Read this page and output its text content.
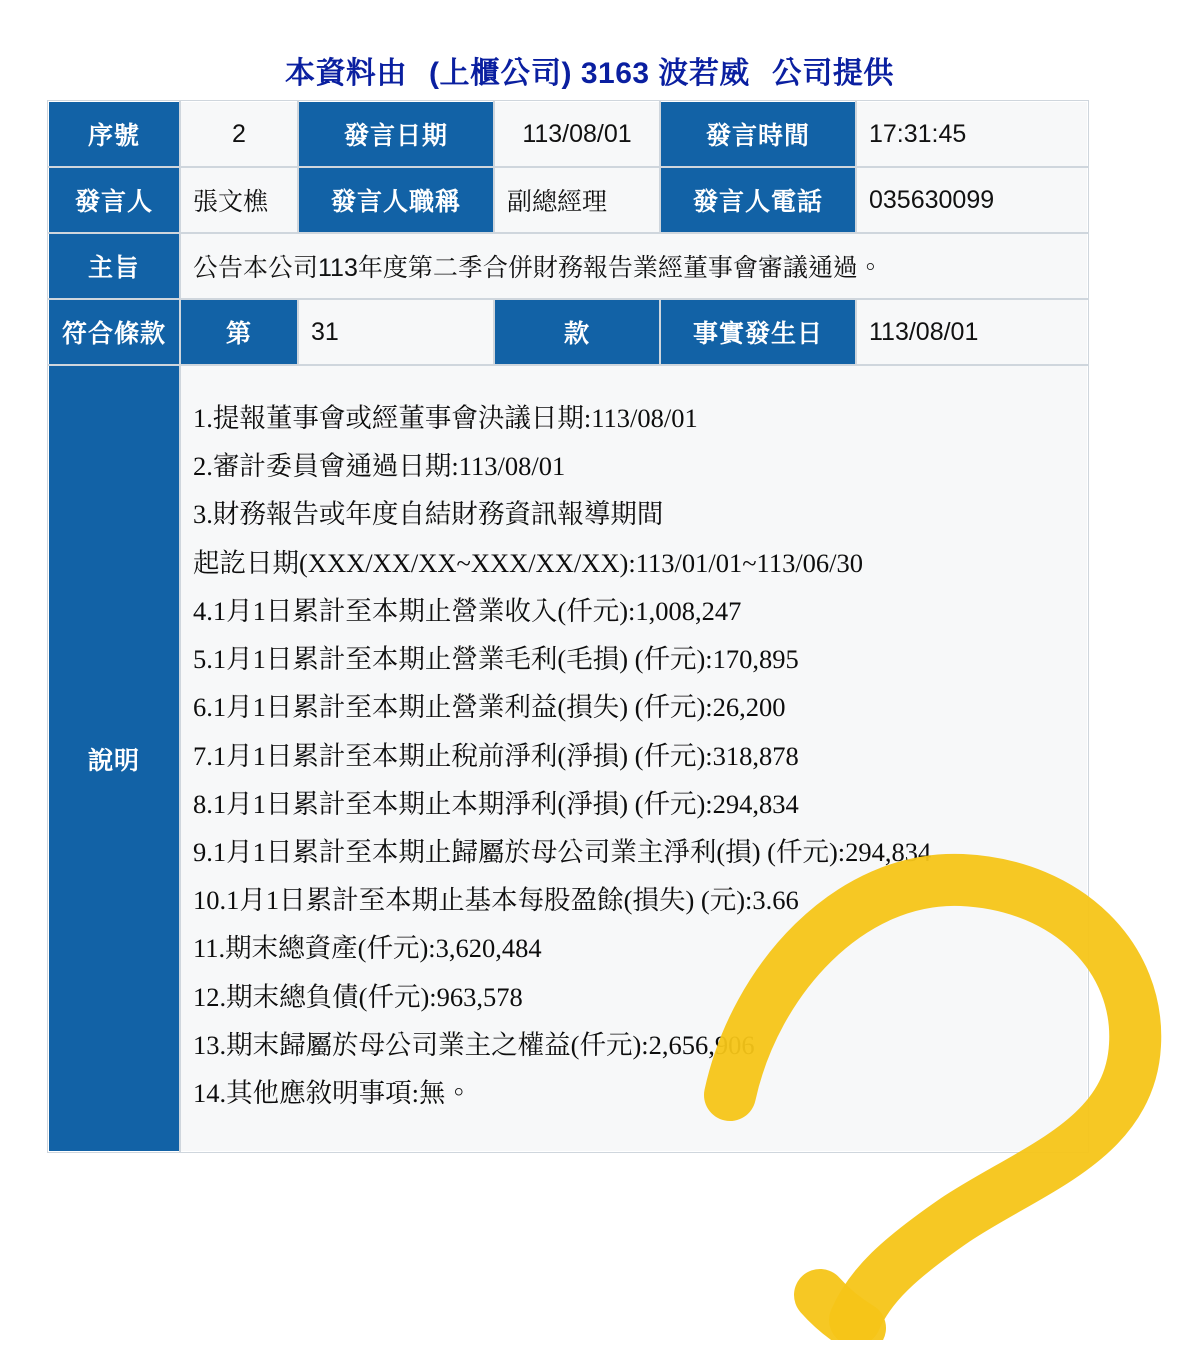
本資料由 (上櫃公司) 3163 波若威 公司提供
序號	2	發言日期	113/08/01	發言時間	17:31:45
發言人	張文樵	發言人職稱	副總經理	發言人電話	035630099
主旨	公告本公司113年度第二季合併財務報告業經董事會審議通過。				
符合條款	第	31	款	事實發生日	113/08/01
說明	
1.提報董事會或經董事會決議日期:113/08/01
2.審計委員會通過日期:113/08/01
3.財務報告或年度自結財務資訊報導期間
起訖日期(XXX/XX/XX~XXX/XX/XX):113/01/01~113/06/30
4.1月1日累計至本期止營業收入(仟元):1,008,247
5.1月1日累計至本期止營業毛利(毛損) (仟元):170,895
6.1月1日累計至本期止營業利益(損失) (仟元):26,200
7.1月1日累計至本期止稅前淨利(淨損) (仟元):318,878
8.1月1日累計至本期止本期淨利(淨損) (仟元):294,834
9.1月1日累計至本期止歸屬於母公司業主淨利(損) (仟元):294,834
10.1月1日累計至本期止基本每股盈餘(損失) (元):3.66
11.期末總資產(仟元):3,620,484
12.期末總負債(仟元):963,578
13.期末歸屬於母公司業主之權益(仟元):2,656,906
14.其他應敘明事項:無。
